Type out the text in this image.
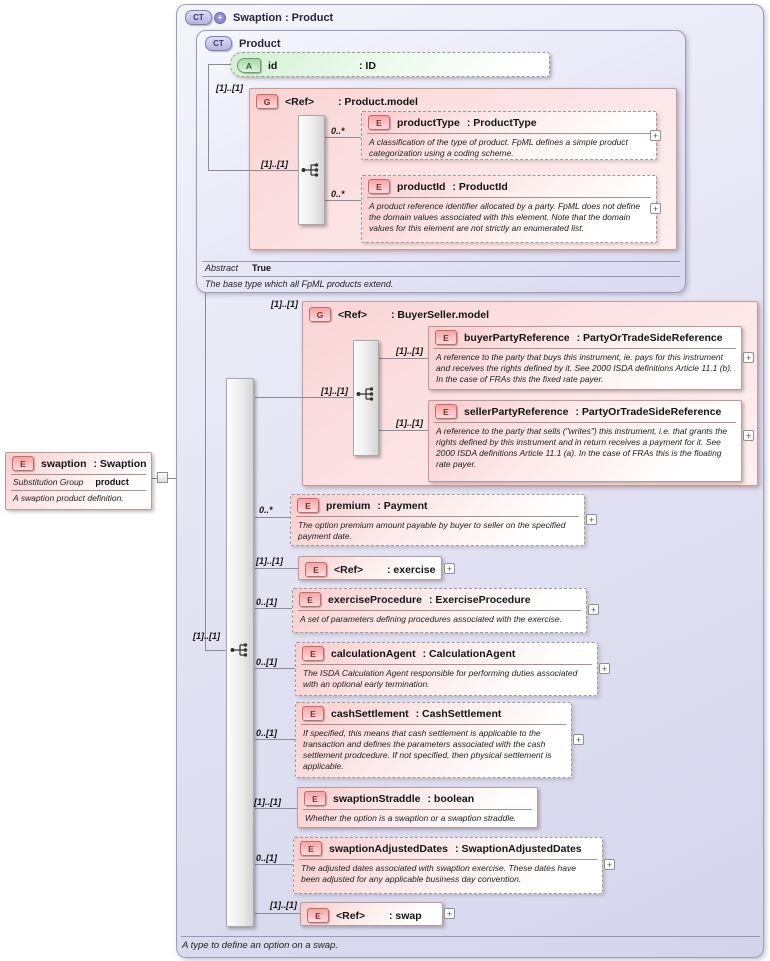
CT	+ Swaption : Product
A type to define an option on a swap.
CT	Product
Abstract True
The base type which all FpML products extend.
G	<Ref>	: Product.model
G	<Ref>	: BuyerSeller.model
A	id	: ID
E	productType : ProductType
A classification of the type of product. FpML defines a simple product categorization using a coding scheme.
E	productId : ProductId
A product reference identifier allocated by a party. FpML does not define the domain values associated with this element. Note that the domain values for this element are not strictly an enumerated list.
E	buyerPartyReference : PartyOrTradeSideReference
A reference to the party that buys this instrument, ie. pays for this instrument and receives the rights defined by it. See 2000 ISDA definitions Article 11.1 (b). In the case of FRAs this the fixed rate payer.
E	sellerPartyReference : PartyOrTradeSideReference
A reference to the party that sells ("writes") this instrument, i.e. that grants the rights defined by this instrument and in return receives a payment for it. See 2000 ISDA definitions Article 11.1 (a). In the case of FRAs this is the floating rate payer.
E	premium : Payment
The option premium amount payable by buyer to seller on the specified payment date.
E	<Ref>	: exercise
E	exerciseProcedure : ExerciseProcedure
A set of parameters defining procedures associated with the exercise.
E	calculationAgent : CalculationAgent
The ISDA Calculation Agent responsible for performing duties associated with an optional early termination.
E	cashSettlement : CashSettlement
If specified, this means that cash settlement is applicable to the transaction and defines the parameters associated with the cash settlement prodcedure. If not specified, then physical settlement is applicable.
E	swaptionStraddle : boolean
Whether the option is a swaption or a swaption straddle.
E	swaptionAdjustedDates : SwaptionAdjustedDates
The adjusted dates associated with swaption exercise. These dates have been adjusted for any applicable business day convention.
E	<Ref>	: swap
E	swaption : Swaption
Substitution Group product
A swaption product definition.
[1]..[1]
[1]..[1]
0..*
0..*
[1]..[1]
[1]..[1]
[1]..[1]
[1]..[1]
[1]..[1]
0..*
[1]..[1]
0..[1]
0..[1]
0..[1]
[1]..[1]
0..[1]
[1]..[1]
+
+
+
+
+
+
+
+
+
+
+
